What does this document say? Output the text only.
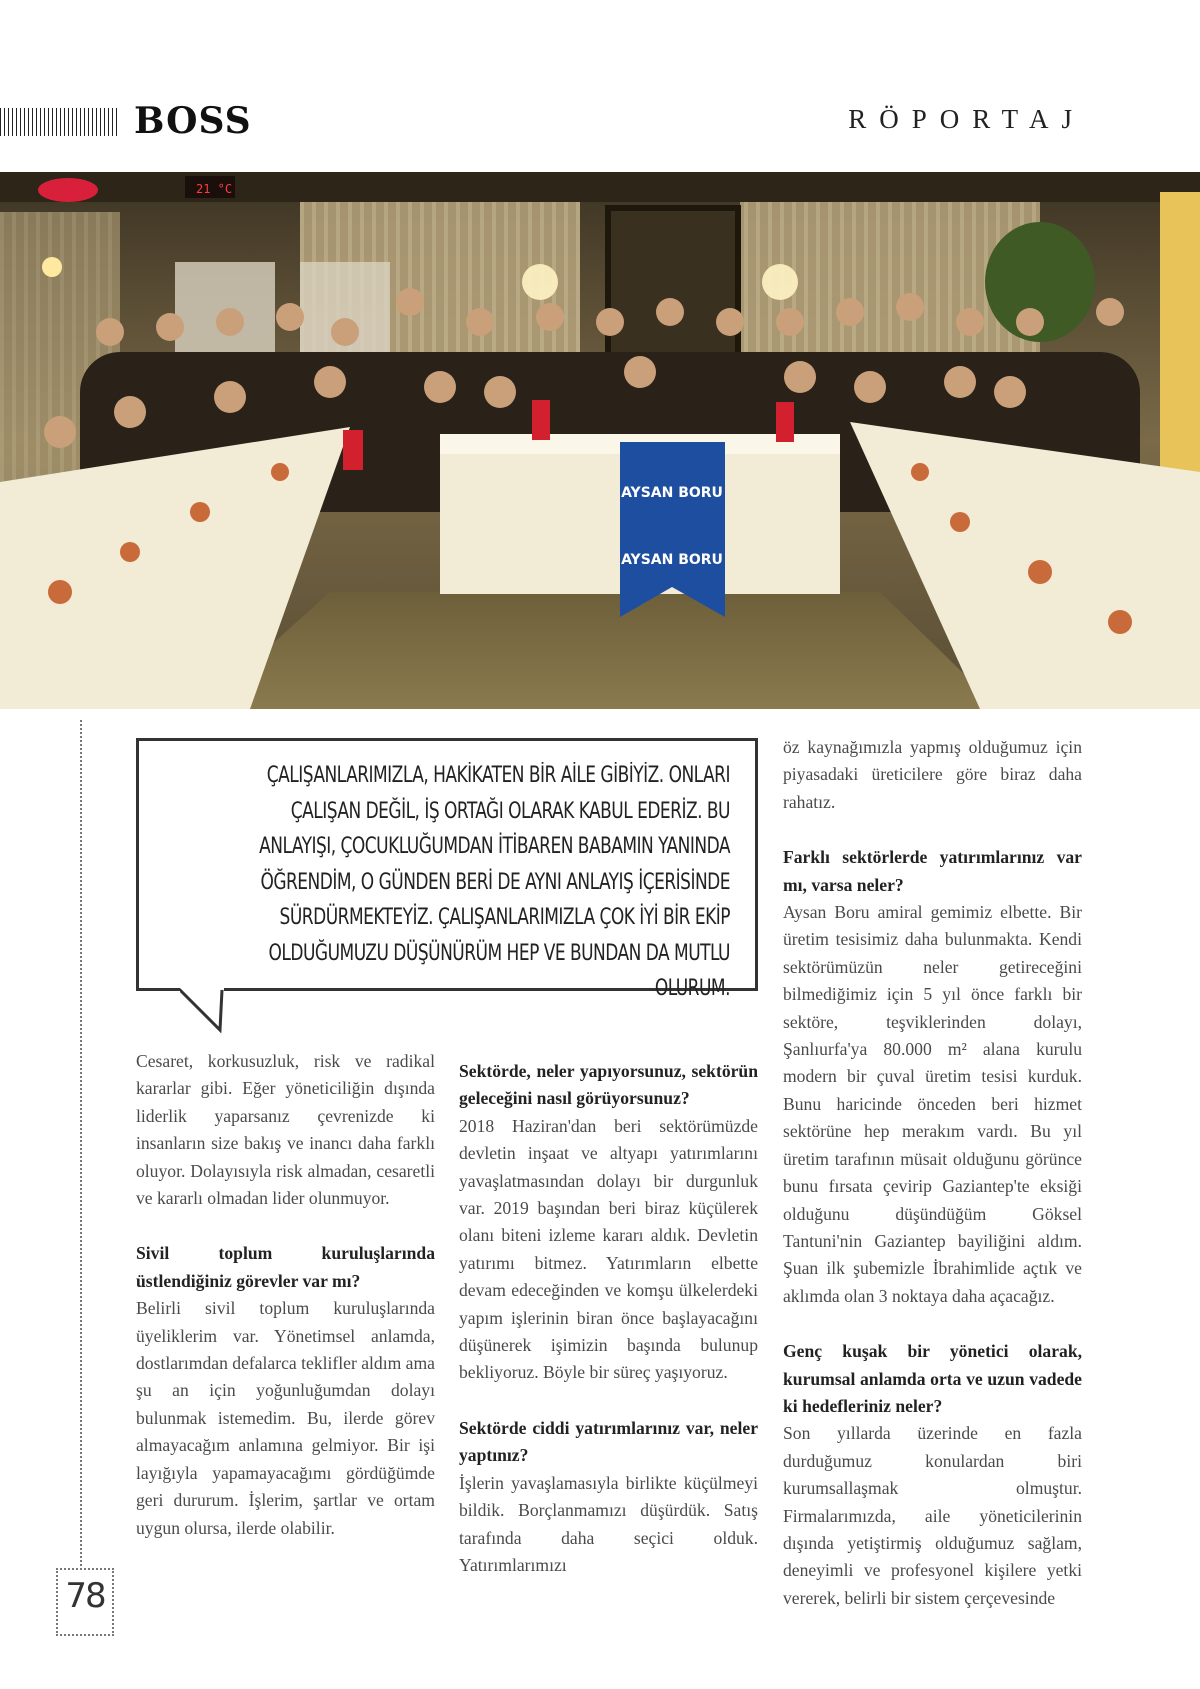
BOSS	RÖPORTAJ
21 °C
AYSAN BORU
AYSAN BORU
78
ÇALIŞANLARIMIZLA, HAKİKATEN BİR AİLE GİBİYİZ. ONLARI ÇALIŞAN DEĞİL, İŞ ORTAĞI OLARAK KABUL EDERİZ. BU ANLAYIŞI, ÇOCUKLUĞUMDAN İTİBAREN BABAMIN YANINDA ÖĞRENDİM, O GÜNDEN BERİ DE AYNI ANLAYIŞ İÇERİSİNDE SÜRDÜRMEKTEYİZ. ÇALIŞANLARIMIZLA ÇOK İYİ BİR EKİP OLDUĞUMUZU DÜŞÜNÜRÜM HEP VE BUNDAN DA MUTLU OLURUM.

Cesaret, korkusuzluk, risk ve radikal kararlar gibi. Eğer yöneticiliğin dışında liderlik yaparsanız çevrenizde ki insanların size bakış ve inancı daha farklı oluyor. Dolayısıyla risk almadan, cesaretli ve kararlı olmadan lider olunmuyor.

Sivil toplum kuruluşlarında üstlendiğiniz görevler var mı?

Belirli sivil toplum kuruluşlarında üyeliklerim var. Yönetimsel anlamda, dostlarımdan defalarca teklifler aldım ama şu an için yoğunluğumdan dolayı bulunmak istemedim. Bu, ilerde görev almayacağım anlamına gelmiyor. Bir işi layığıyla yapamayacağımı gördüğümde geri dururum. İşlerim, şartlar ve ortam uygun olursa, ilerde olabilir.

Sektörde, neler yapıyorsunuz, sektörün geleceğini nasıl görüyorsunuz?

2018 Haziran'dan beri sektörümüzde devletin inşaat ve altyapı yatırımlarını yavaşlatmasından dolayı bir durgunluk var. 2019 başından beri biraz küçülerek olanı biteni izleme kararı aldık. Devletin yatırımı bitmez. Yatırımların elbette devam edeceğinden ve komşu ülkelerdeki yapım işlerinin biran önce başlayacağını düşünerek işimizin başında bulunup bekliyoruz. Böyle bir süreç yaşıyoruz.

Sektörde ciddi yatırımlarınız var, neler yaptınız?

İşlerin yavaşlamasıyla birlikte küçülmeyi bildik. Borçlanmamızı düşürdük. Satış tarafında daha seçici olduk. Yatırımlarımızı

öz kaynağımızla yapmış olduğumuz için piyasadaki üreticilere göre biraz daha rahatız.

Farklı sektörlerde yatırımlarınız var mı, varsa neler?

Aysan Boru amiral gemimiz elbette. Bir üretim tesisimiz daha bulunmakta. Kendi sektörümüzün neler getireceğini bilmediğimiz için 5 yıl önce farklı bir sektöre, teşviklerinden dolayı, Şanlıurfa'ya 80.000 m² alana kurulu modern bir çuval üretim tesisi kurduk. Bunu haricinde önceden beri hizmet sektörüne hep merakım vardı. Bu yıl üretim tarafının müsait olduğunu görünce bunu fırsata çevirip Gaziantep'te eksiği olduğunu düşündüğüm Göksel Tantuni'nin Gaziantep bayiliğini aldım. Şuan ilk şubemizle İbrahimlide açtık ve aklımda olan 3 noktaya daha açacağız.

Genç kuşak bir yönetici olarak, kurumsal anlamda orta ve uzun vadede ki hedefleriniz neler?

Son yıllarda üzerinde en fazla durduğumuz konulardan biri kurumsallaşmak olmuştur. Firmalarımızda, aile yöneticilerinin dışında yetiştirmiş olduğumuz sağlam, deneyimli ve profesyonel kişilere yetki vererek, belirli bir sistem çerçevesinde
